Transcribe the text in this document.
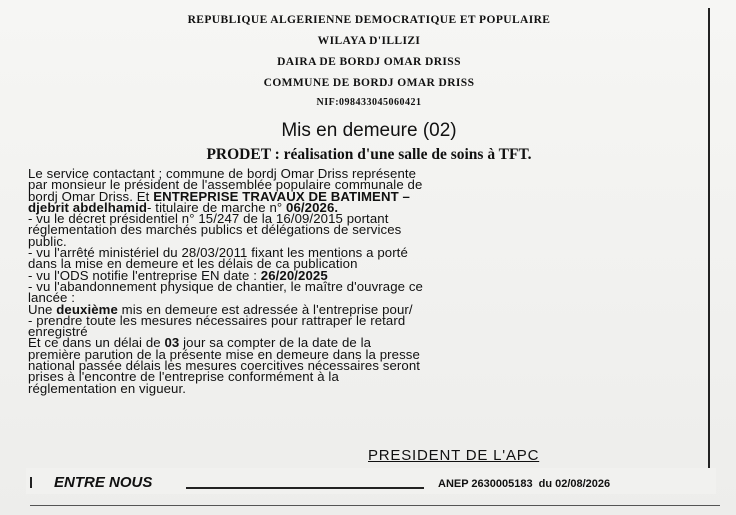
REPUBLIQUE ALGERIENNE DEMOCRATIQUE ET POPULAIRE

WILAYA D'ILLIZI

DAIRA DE BORDJ OMAR DRISS

COMMUNE DE BORDJ OMAR DRISS

NIF:098433045060421

Mis en demeure (02)
PRODET : réalisation d'une salle de soins à TFT.

Le service contactant ; commune de bordj Omar Driss représente

par monsieur le président de l'assemblée populaire communale de

bordj Omar Driss. Et ENTREPRISE TRAVAUX DE BATIMENT –

djebrit abdelhamid- titulaire de marche n° 06/2026.

- vu le décret présidentiel n° 15/247 de la 16/09/2015 portant

réglementation des marchés publics et délégations de services

public.

- vu l'arrêté ministériel du 28/03/2011 fixant les mentions a porté

dans la mise en demeure et les délais de ca publication

- vu l'ODS notifie l'entreprise EN date : 26/20/2025

- vu l'abandonnement physique de chantier, le maître d'ouvrage ce

lancée :

Une deuxième mis en demeure est adressée à l'entreprise pour/

- prendre toute les mesures nécessaires pour rattraper le retard

enregistré

Et ce dans un délai de 03 jour sa compter de la date de la

première parution de la présente mise en demeure dans la presse

national passée délais les mesures coercitives nécessaires seront

prises à l'encontre de l'entreprise conformément à la

réglementation en vigueur.

PRESIDENT DE L'APC
ENTRE NOUS	ANEP 2630005183 du 02/08/2026
